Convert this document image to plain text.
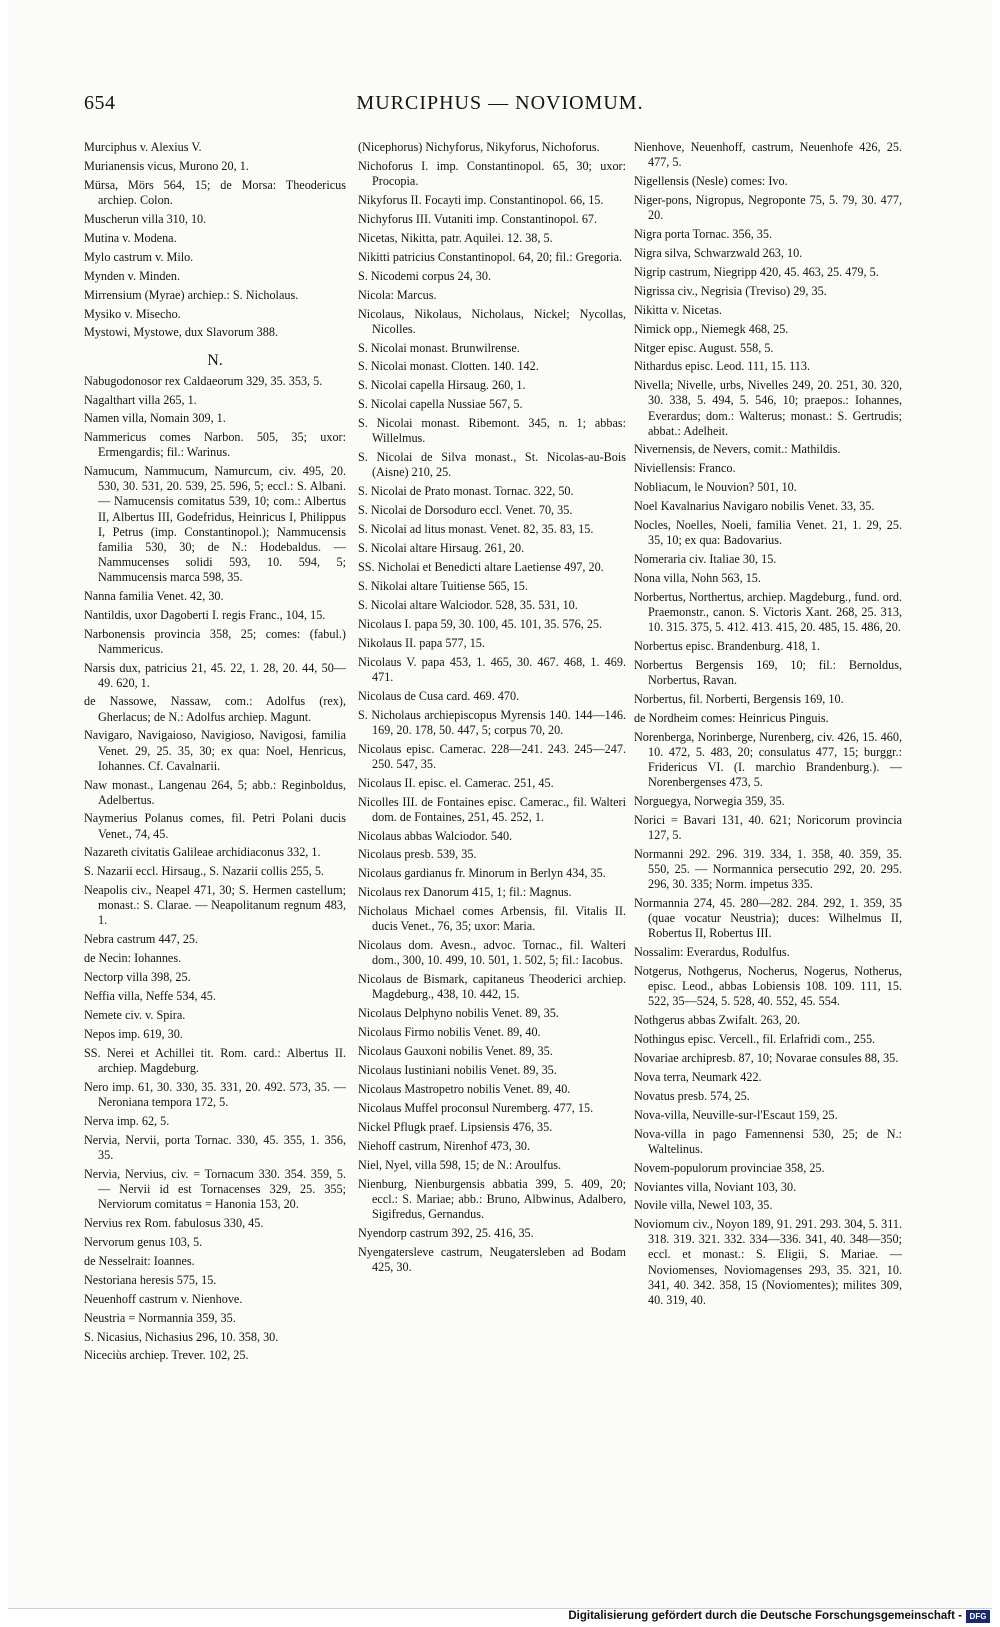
654	MURCIPHUS — NOVIOMUM.
Murciphus v. Alexius V.
Murianensis vicus, Murono 20, 1.
Mürsa, Mörs 564, 15; de Morsa: Theodericus archiep. Colon.
Muscherun villa 310, 10.
Mutina v. Modena.
Mylo castrum v. Milo.
Mynden v. Minden.
Mirrensium (Myrae) archiep.: S. Nicholaus.
Mysiko v. Misecho.
Mystowi, Mystowe, dux Slavorum 388.
N.
Nabugodonosor rex Caldaeorum 329, 35. 353, 5.
Nagalthart villa 265, 1.
Namen villa, Nomain 309, 1.
Nammericus comes Narbon. 505, 35; uxor: Ermengardis; fil.: Warinus.
Namucum, Nammucum, Namurcum, civ. 495, 20. 530, 30. 531, 20. 539, 25. 596, 5; eccl.: S. Albani. — Namucensis comitatus 539, 10; com.: Albertus II, Albertus III, Godefridus, Heinricus I, Philippus I, Petrus (imp. Constantinopol.); Nammucensis familia 530, 30; de N.: Hodebaldus. — Nammucenses solidi 593, 10. 594, 5; Nammucensis marca 598, 35.
Nanna familia Venet. 42, 30.
Nantildis, uxor Dagoberti I. regis Franc., 104, 15.
Narbonensis provincia 358, 25; comes: (fabul.) Nammericus.
Narsis dux, patricius 21, 45. 22, 1. 28, 20. 44, 50—49. 620, 1.
de Nassowe, Nassaw, com.: Adolfus (rex), Gherlacus; de N.: Adolfus archiep. Magunt.
Navigaro, Navigaioso, Navigioso, Navigosi, familia Venet. 29, 25. 35, 30; ex qua: Noel, Henricus, Iohannes. Cf. Cavalnarii.
Naw monast., Langenau 264, 5; abb.: Reginboldus, Adelbertus.
Naymerius Polanus comes, fil. Petri Polani ducis Venet., 74, 45.
Nazareth civitatis Galileae archidiaconus 332, 1.
S. Nazarii eccl. Hirsaug., S. Nazarii collis 255, 5.
Neapolis civ., Neapel 471, 30; S. Hermen castellum; monast.: S. Clarae. — Neapolitanum regnum 483, 1.
Nebra castrum 447, 25.
de Necin: Iohannes.
Nectorp villa 398, 25.
Neffia villa, Neffe 534, 45.
Nemete civ. v. Spira.
Nepos imp. 619, 30.
SS. Nerei et Achillei tit. Rom. card.: Albertus II. archiep. Magdeburg.
Nero imp. 61, 30. 330, 35. 331, 20. 492. 573, 35. — Neroniana tempora 172, 5.
Nerva imp. 62, 5.
Nervia, Nervii, porta Tornac. 330, 45. 355, 1. 356, 35.
Nervia, Nervius, civ. = Tornacum 330. 354. 359, 5. — Nervii id est Tornacenses 329, 25. 355; Nerviorum comitatus = Hanonia 153, 20.
Nervius rex Rom. fabulosus 330, 45.
Nervorum genus 103, 5.
de Nesselrait: Ioannes.
Nestoriana heresis 575, 15.
Neuenhoff castrum v. Nienhove.
Neustria = Normannia 359, 35.
S. Nicasius, Nichasius 296, 10. 358, 30.
Niceciùs archiep. Trever. 102, 25.
(Nicephorus) Nichyforus, Nikyforus, Nichoforus.
Nichoforus I. imp. Constantinopol. 65, 30; uxor: Procopia.
Nikyforus II. Focayti imp. Constantinopol. 66, 15.
Nichyforus III. Vutaniti imp. Constantinopol. 67.
Nicetas, Nikitta, patr. Aquilei. 12. 38, 5.
Nikitti patricius Constantinopol. 64, 20; fil.: Gregoria.
S. Nicodemi corpus 24, 30.
Nicola: Marcus.
Nicolaus, Nikolaus, Nicholaus, Nickel; Nycollas, Nicolles.
S. Nicolai monast. Brunwilrense.
S. Nicolai monast. Clotten. 140. 142.
S. Nicolai capella Hirsaug. 260, 1.
S. Nicolai capella Nussiae 567, 5.
S. Nicolai monast. Ribemont. 345, n. 1; abbas: Willelmus.
S. Nicolai de Silva monast., St. Nicolas-au-Bois (Aisne) 210, 25.
S. Nicolai de Prato monast. Tornac. 322, 50.
S. Nicolai de Dorsoduro eccl. Venet. 70, 35.
S. Nicolai ad litus monast. Venet. 82, 35. 83, 15.
S. Nicolai altare Hirsaug. 261, 20.
SS. Nicholai et Benedicti altare Laetiense 497, 20.
S. Nikolai altare Tuitiense 565, 15.
S. Nicolai altare Walciodor. 528, 35. 531, 10.
Nicolaus I. papa 59, 30. 100, 45. 101, 35. 576, 25.
Nikolaus II. papa 577, 15.
Nicolaus V. papa 453, 1. 465, 30. 467. 468, 1. 469. 471.
Nicolaus de Cusa card. 469. 470.
S. Nicholaus archiepiscopus Myrensis 140. 144—146. 169, 20. 178, 50. 447, 5; corpus 70, 20.
Nicolaus episc. Camerac. 228—241. 243. 245—247. 250. 547, 35.
Nicolaus II. episc. el. Camerac. 251, 45.
Nicolles III. de Fontaines episc. Camerac., fil. Walteri dom. de Fontaines, 251, 45. 252, 1.
Nicolaus abbas Walciodor. 540.
Nicolaus presb. 539, 35.
Nicolaus gardianus fr. Minorum in Berlyn 434, 35.
Nicolaus rex Danorum 415, 1; fil.: Magnus.
Nicholaus Michael comes Arbensis, fil. Vitalis II. ducis Venet., 76, 35; uxor: Maria.
Nicolaus dom. Avesn., advoc. Tornac., fil. Walteri dom., 300, 10. 499, 10. 501, 1. 502, 5; fil.: Iacobus.
Nicolaus de Bismark, capitaneus Theoderici archiep. Magdeburg., 438, 10. 442, 15.
Nicolaus Delphyno nobilis Venet. 89, 35.
Nicolaus Firmo nobilis Venet. 89, 40.
Nicolaus Gauxoni nobilis Venet. 89, 35.
Nicolaus Iustiniani nobilis Venet. 89, 35.
Nicolaus Mastropetro nobilis Venet. 89, 40.
Nicolaus Muffel proconsul Nuremberg. 477, 15.
Nickel Pflugk praef. Lipsiensis 476, 35.
Niehoff castrum, Nirenhof 473, 30.
Niel, Nyel, villa 598, 15; de N.: Aroulfus.
Nienburg, Nienburgensis abbatia 399, 5. 409, 20; eccl.: S. Mariae; abb.: Bruno, Albwinus, Adalbero, Sigifredus, Gernandus.
Nyendorp castrum 392, 25. 416, 35.
Nyengatersleve castrum, Neugatersleben ad Bodam 425, 30.
Nienhove, Neuenhoff, castrum, Neuenhofe 426, 25. 477, 5.
Nigellensis (Nesle) comes: Ivo.
Niger-pons, Nigropus, Negroponte 75, 5. 79, 30. 477, 20.
Nigra porta Tornac. 356, 35.
Nigra silva, Schwarzwald 263, 10.
Nigrip castrum, Niegripp 420, 45. 463, 25. 479, 5.
Nigrissa civ., Negrisia (Treviso) 29, 35.
Nikitta v. Nicetas.
Nimick opp., Niemegk 468, 25.
Nitger episc. August. 558, 5.
Nithardus episc. Leod. 111, 15. 113.
Nivella; Nivelle, urbs, Nivelles 249, 20. 251, 30. 320, 30. 338, 5. 494, 5. 546, 10; praepos.: Iohannes, Everardus; dom.: Walterus; monast.: S. Gertrudis; abbat.: Adelheit.
Nivernensis, de Nevers, comit.: Mathildis.
Niviellensis: Franco.
Nobliacum, le Nouvion? 501, 10.
Noel Kavalnarius Navigaro nobilis Venet. 33, 35.
Nocles, Noelles, Noeli, familia Venet. 21, 1. 29, 25. 35, 10; ex qua: Badovarius.
Nomeraria civ. Italiae 30, 15.
Nona villa, Nohn 563, 15.
Norbertus, Northertus, archiep. Magdeburg., fund. ord. Praemonstr., canon. S. Victoris Xant. 268, 25. 313, 10. 315. 375, 5. 412. 413. 415, 20. 485, 15. 486, 20.
Norbertus episc. Brandenburg. 418, 1.
Norbertus Bergensis 169, 10; fil.: Bernoldus, Norbertus, Ravan.
Norbertus, fil. Norberti, Bergensis 169, 10.
de Nordheim comes: Heinricus Pinguis.
Norenberga, Norinberge, Nurenberg, civ. 426, 15. 460, 10. 472, 5. 483, 20; consulatus 477, 15; burggr.: Fridericus VI. (I. marchio Brandenburg.). — Norenbergenses 473, 5.
Norguegya, Norwegia 359, 35.
Norici = Bavari 131, 40. 621; Noricorum provincia 127, 5.
Normanni 292. 296. 319. 334, 1. 358, 40. 359, 35. 550, 25. — Normannica persecutio 292, 20. 295. 296, 30. 335; Norm. impetus 335.
Normannia 274, 45. 280—282. 284. 292, 1. 359, 35 (quae vocatur Neustria); duces: Wilhelmus II, Robertus II, Robertus III.
Nossalim: Everardus, Rodulfus.
Notgerus, Nothgerus, Nocherus, Nogerus, Notherus, episc. Leod., abbas Lobiensis 108. 109. 111, 15. 522, 35—524, 5. 528, 40. 552, 45. 554.
Nothgerus abbas Zwifalt. 263, 20.
Nothingus episc. Vercell., fil. Erlafridi com., 255.
Novariae archipresb. 87, 10; Novarae consules 88, 35.
Nova terra, Neumark 422.
Novatus presb. 574, 25.
Nova-villa, Neuville-sur-l'Escaut 159, 25.
Nova-villa in pago Famennensi 530, 25; de N.: Waltelinus.
Novem-populorum provinciae 358, 25.
Noviantes villa, Noviant 103, 30.
Novile villa, Newel 103, 35.
Noviomum civ., Noyon 189, 91. 291. 293. 304, 5. 311. 318. 319. 321. 332. 334—336. 341, 40. 348—350; eccl. et monast.: S. Eligii, S. Mariae. — Noviomenses, Noviomagenses 293, 35. 321, 10. 341, 40. 342. 358, 15 (Noviomentes); milites 309, 40. 319, 40.
Digitalisierung gefördert durch die Deutsche Forschungsgemeinschaft - DFG
